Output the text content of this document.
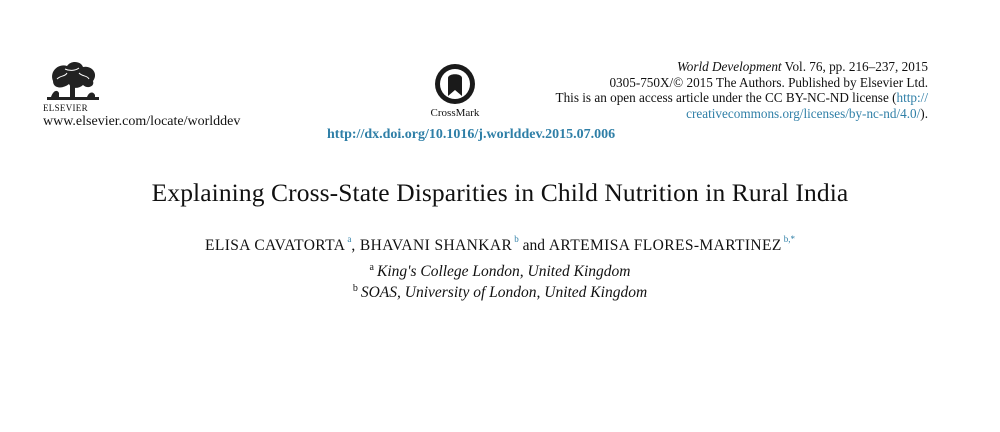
ELSEVIER
www.elsevier.com/locate/worlddev
CrossMark
http://dx.doi.org/10.1016/j.worlddev.2015.07.006
World Development Vol. 76, pp. 216–237, 2015
0305-750X/© 2015 The Authors. Published by Elsevier Ltd.
This is an open access article under the CC BY-NC-ND license (http://
creativecommons.org/licenses/by-nc-nd/4.0/).
Explaining Cross-State Disparities in Child Nutrition in Rural India
ELISA CAVATORTA $^a$, BHAVANI SHANKAR $^b$ and ARTEMISA FLORES-MARTINEZ $^{b,*}$
$^a$ King's College London, United Kingdom
$^b$ SOAS, University of London, United Kingdom
